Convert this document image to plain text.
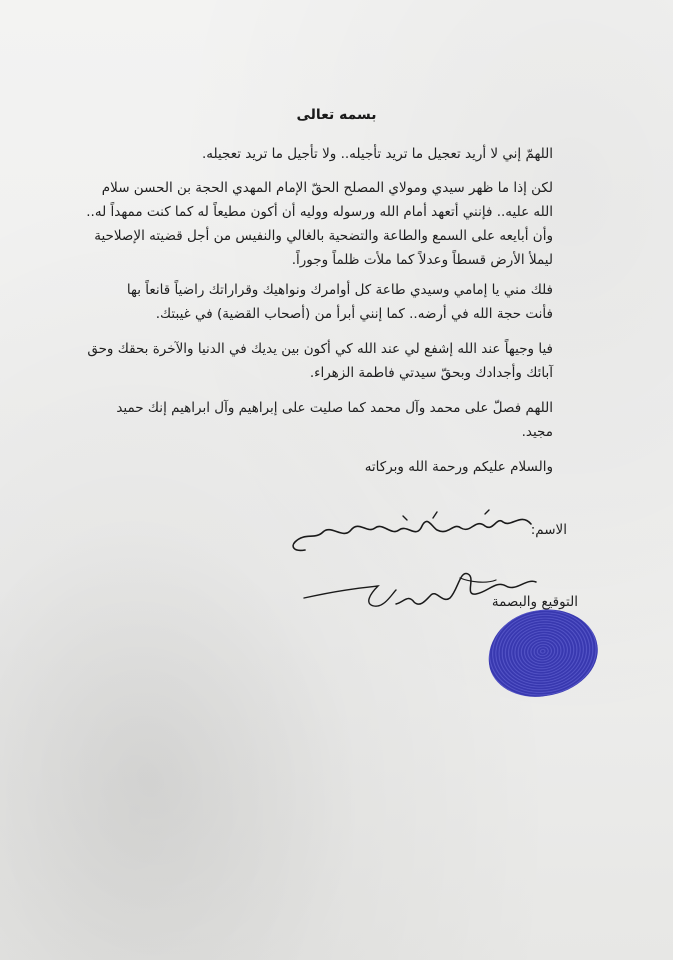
بسمه تعالى

اللهمّ إني لا أريد تعجيل ما تريد تأجيله.. ولا تأجيل ما تريد تعجيله.

لكن إذا ما ظهر سيدي ومولاي المصلح الحقّ الإمام المهدي الحجة بن الحسن سلام

الله عليه.. فإنني أتعهد أمام الله ورسوله ووليه أن أكون مطيعاً له كما كنت ممهداً له..

وأن أبايعه على السمع والطاعة والتضحية بالغالي والنفيس من أجل قضيته الإصلاحية

ليملأ الأرض قسطاً وعدلاً كما ملأت ظلماً وجوراً.

فلك مني يا إمامي وسيدي طاعة كل أوامرك ونواهيك وقراراتك راضياً قانعاً بها

فأنت حجة الله في أرضه.. كما إنني أبرأ من (أصحاب القضية) في غيبتك.

فيا وجيهاً عند الله إشفع لي عند الله كي أكون بين يديك في الدنيا والآخرة بحقك وحق

آبائك وأجدادك وبحقّ سيدتي فاطمة الزهراء.

اللهم فصلّ على محمد وآل محمد كما صليت على إبراهيم وآل ابراهيم إنك حميد

مجيد.

والسلام عليكم ورحمة الله وبركاته

الاسم:
التوقيع والبصمة
